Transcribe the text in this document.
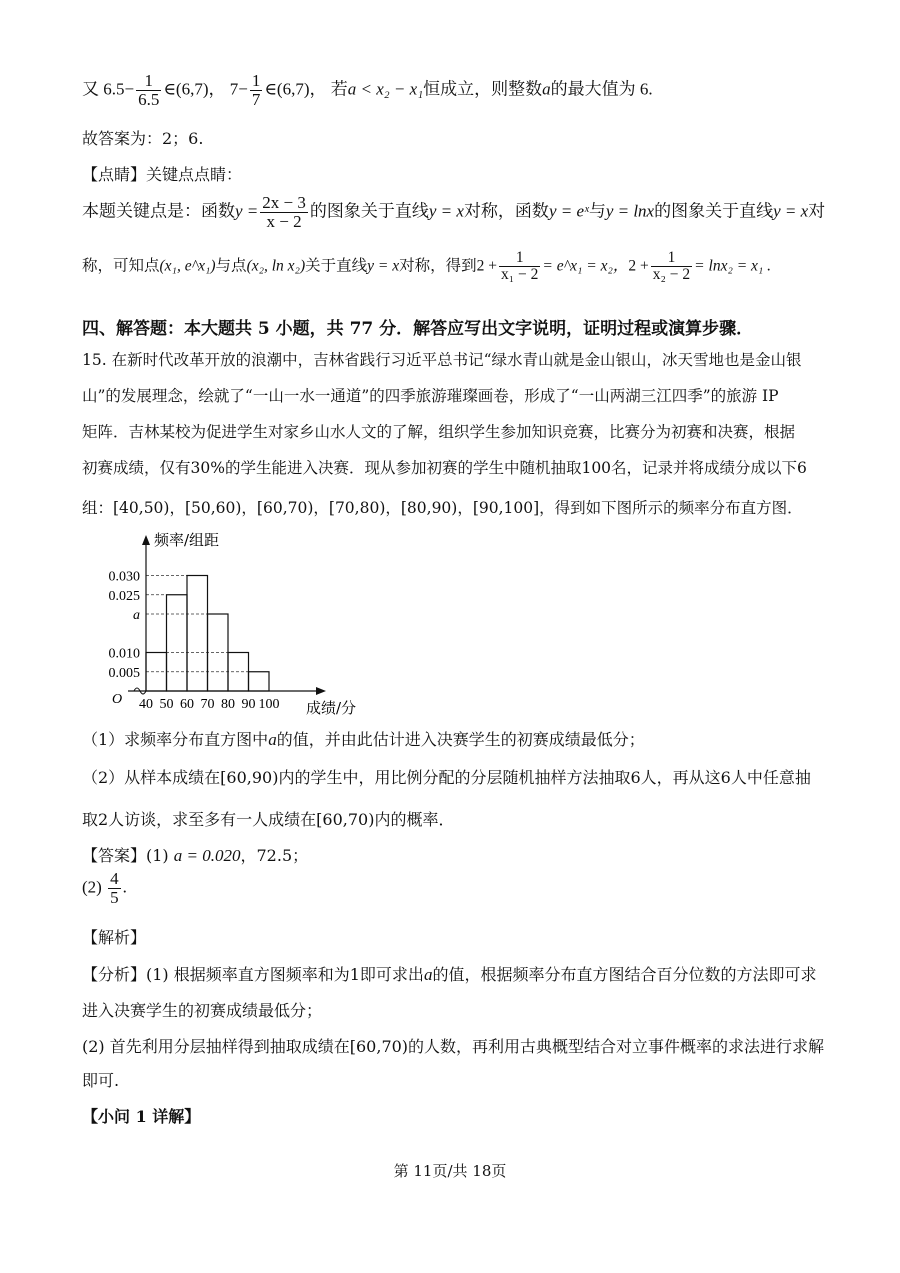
又 $6.5- \frac{1}{6.5}$ ∈(6,7)， $7- \frac{1}{7}$ ∈(6,7)， 若a < x₂ − x₁恒成立，则整数a的最大值为 6.
故答案为：2；6.
【点睛】关键点点睛：
本题关键点是：函数$y = \frac{2x - 3}{x - 2}$ 的图象关于直线y = x对称，函数y = eˣ与y = lnx的图象关于直线y = x对
称，可知点(x₁, e^x₁)与点(x₂, ln x₂)关于直线y = x对称，得到$2 + \frac{1}{\text{x₁ − 2}}$ = e^x₁ = x₂，$2 + \frac{1}{\text{x₂ − 2}} = \ln x_2 = x_1$ .
四、解答题：本大题共 5 小题，共 77 分．解答应写出文字说明，证明过程或演算步骤．
15. 在新时代改革开放的浪潮中，吉林省践行习近平总书记“绿水青山就是金山银山，冰天雪地也是金山银
山”的发展理念，绘就了“一山一水一通道”的四季旅游璀璨画卷，形成了“一山两湖三江四季”的旅游 IP
矩阵．吉林某校为促进学生对家乡山水人文的了解，组织学生参加知识竞赛，比赛分为初赛和决赛，根据
初赛成绩，仅有30%的学生能进入决赛．现从参加初赛的学生中随机抽取100名，记录并将成绩分成以下6
组：[40,50)，[50,60)，[60,70)，[70,80)，[80,90)，[90,100]，得到如下图所示的频率分布直方图．
0.005
0.010
a
0.025
0.030
40 50 60 70 80 90 100
O
频率/组距
成绩/分
（1）求频率分布直方图中a的值，并由此估计进入决赛学生的初赛成绩最低分；
（2）从样本成绩在[60,90)内的学生中，用比例分配的分层随机抽样方法抽取6人，再从这6人中任意抽
取2人访谈，求至多有一人成绩在[60,70)内的概率．
【答案】(1) a = 0.020，72.5；
$(2) \frac{4}{5}$ .
【解析】
【分析】(1) 根据频率直方图频率和为1即可求出a的值，根据频率分布直方图结合百分位数的方法即可求
进入决赛学生的初赛成绩最低分；
(2) 首先利用分层抽样得到抽取成绩在[60,70)的人数，再利用古典概型结合对立事件概率的求法进行求解
即可.
【小问 1 详解】
第 11页/共 18页
